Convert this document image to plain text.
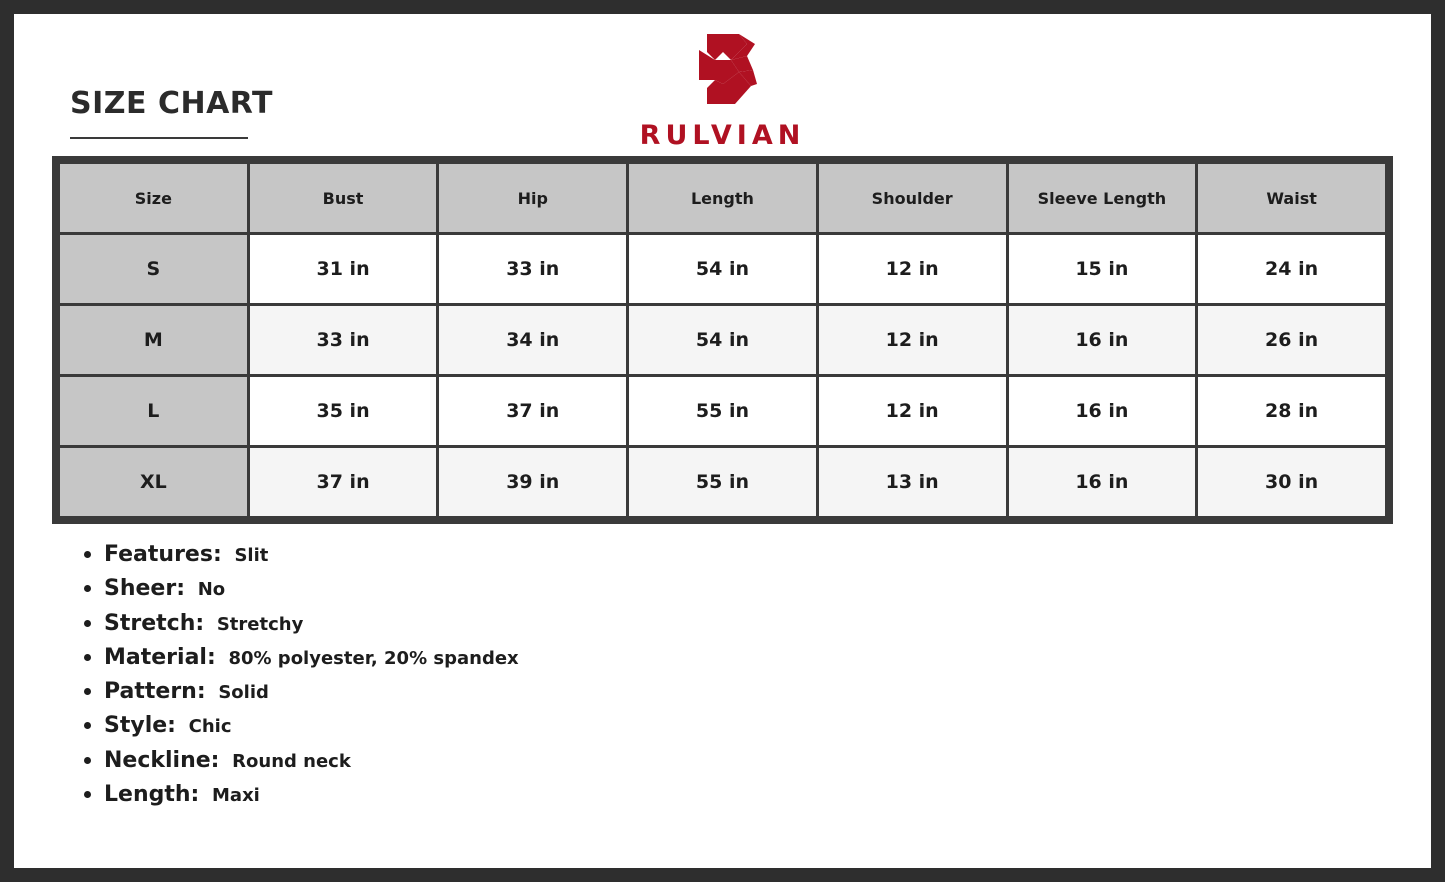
SIZE CHART
RULVIAN
Size	Bust	Hip	Length	Shoulder	Sleeve Length	Waist
S	31 in	33 in	54 in	12 in	15 in	24 in
M	33 in	34 in	54 in	12 in	16 in	26 in
L	35 in	37 in	55 in	12 in	16 in	28 in
XL	37 in	39 in	55 in	13 in	16 in	30 in
Features: Slit
Sheer: No
Stretch: Stretchy
Material: 80% polyester, 20% spandex
Pattern: Solid
Style: Chic
Neckline: Round neck
Length: Maxi
